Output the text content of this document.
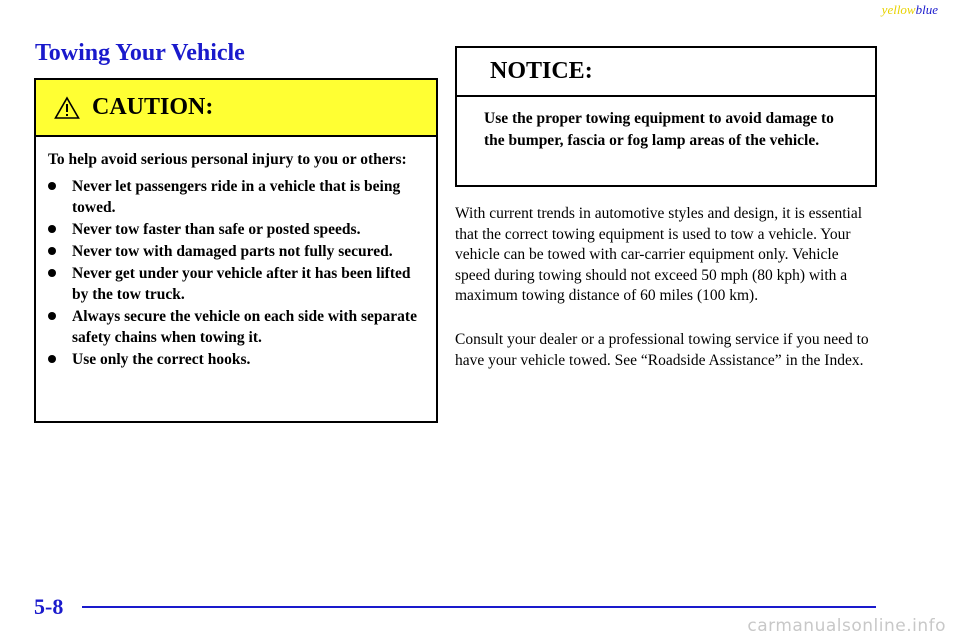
yellowblue
Towing Your Vehicle
CAUTION:

To help avoid serious personal injury to you or others:

Never let passengers ride in a vehicle that is being towed.
Never tow faster than safe or posted speeds.
Never tow with damaged parts not fully secured.
Never get under your vehicle after it has been lifted by the tow truck.
Always secure the vehicle on each side with separate safety chains when towing it.
Use only the correct hooks.
NOTICE:
Use the proper towing equipment to avoid damage to the bumper, fascia or fog lamp areas of the vehicle.

With current trends in automotive styles and design, it is essential that the correct towing equipment is used to tow a vehicle. Your vehicle can be towed with car-carrier equipment only. Vehicle speed during towing should not exceed 50 mph (80 kph) with a maximum towing distance of 60 miles (100 km).

Consult your dealer or a professional towing service if you need to have your vehicle towed. See “Roadside Assistance” in the Index.

5-8
carmanualsonline.info
